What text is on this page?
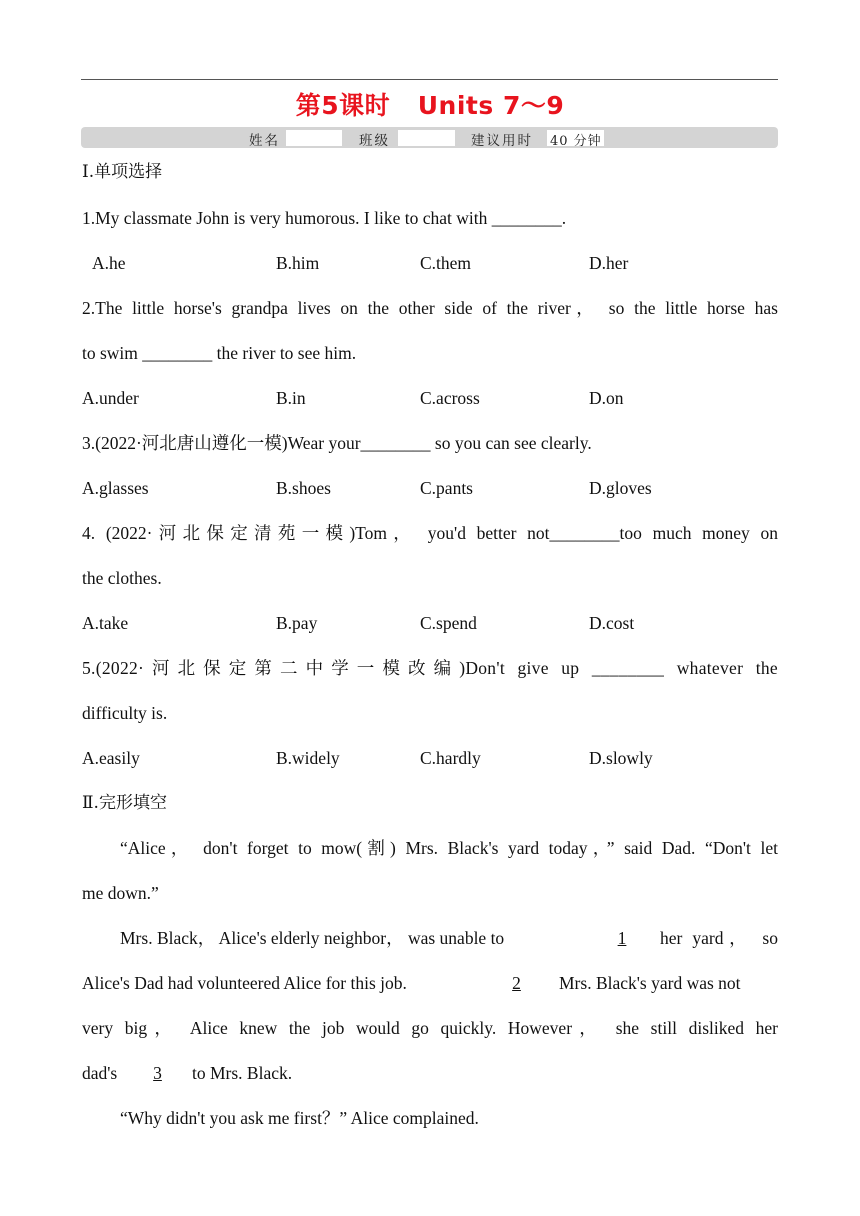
第5课时   Units 7～9
姓名	班级	建议用时 40 分钟
Ⅰ.单项选择
1.My classmate John is very humorous. I like to chat with ________.
A.he	B.him	C.them	D.her
2.The little horse's grandpa lives on the other side of the river， so the little horse has
to swim ________ the river to see him.
A.under	B.in	C.across	D.on
3.(2022·河北唐山遵化一模)Wear your________ so you can see clearly.
A.glasses	B.shoes	C.pants	D.gloves
4. (2022·河北保定清苑一模)Tom， you'd better not________too much money on
the clothes.
A.take	B.pay	C.spend	D.cost
5.(2022·河北保定第二中学一模改编)Don't give up ________ whatever the
difficulty is.
A.easily	B.widely	C.hardly	D.slowly
Ⅱ.完形填空
“Alice， don't forget to mow(割) Mrs. Black's yard today，” said Dad. “Don't let
me down.”
Mrs. Black， Alice's elderly neighbor， was unable to	1	her yard， so
Alice's Dad had volunteered Alice for this job.	2	Mrs. Black's yard was not
very big， Alice knew the job would go quickly. However， she still disliked her
dad's	3	to Mrs. Black.
“Why didn't you ask me first？” Alice complained.
